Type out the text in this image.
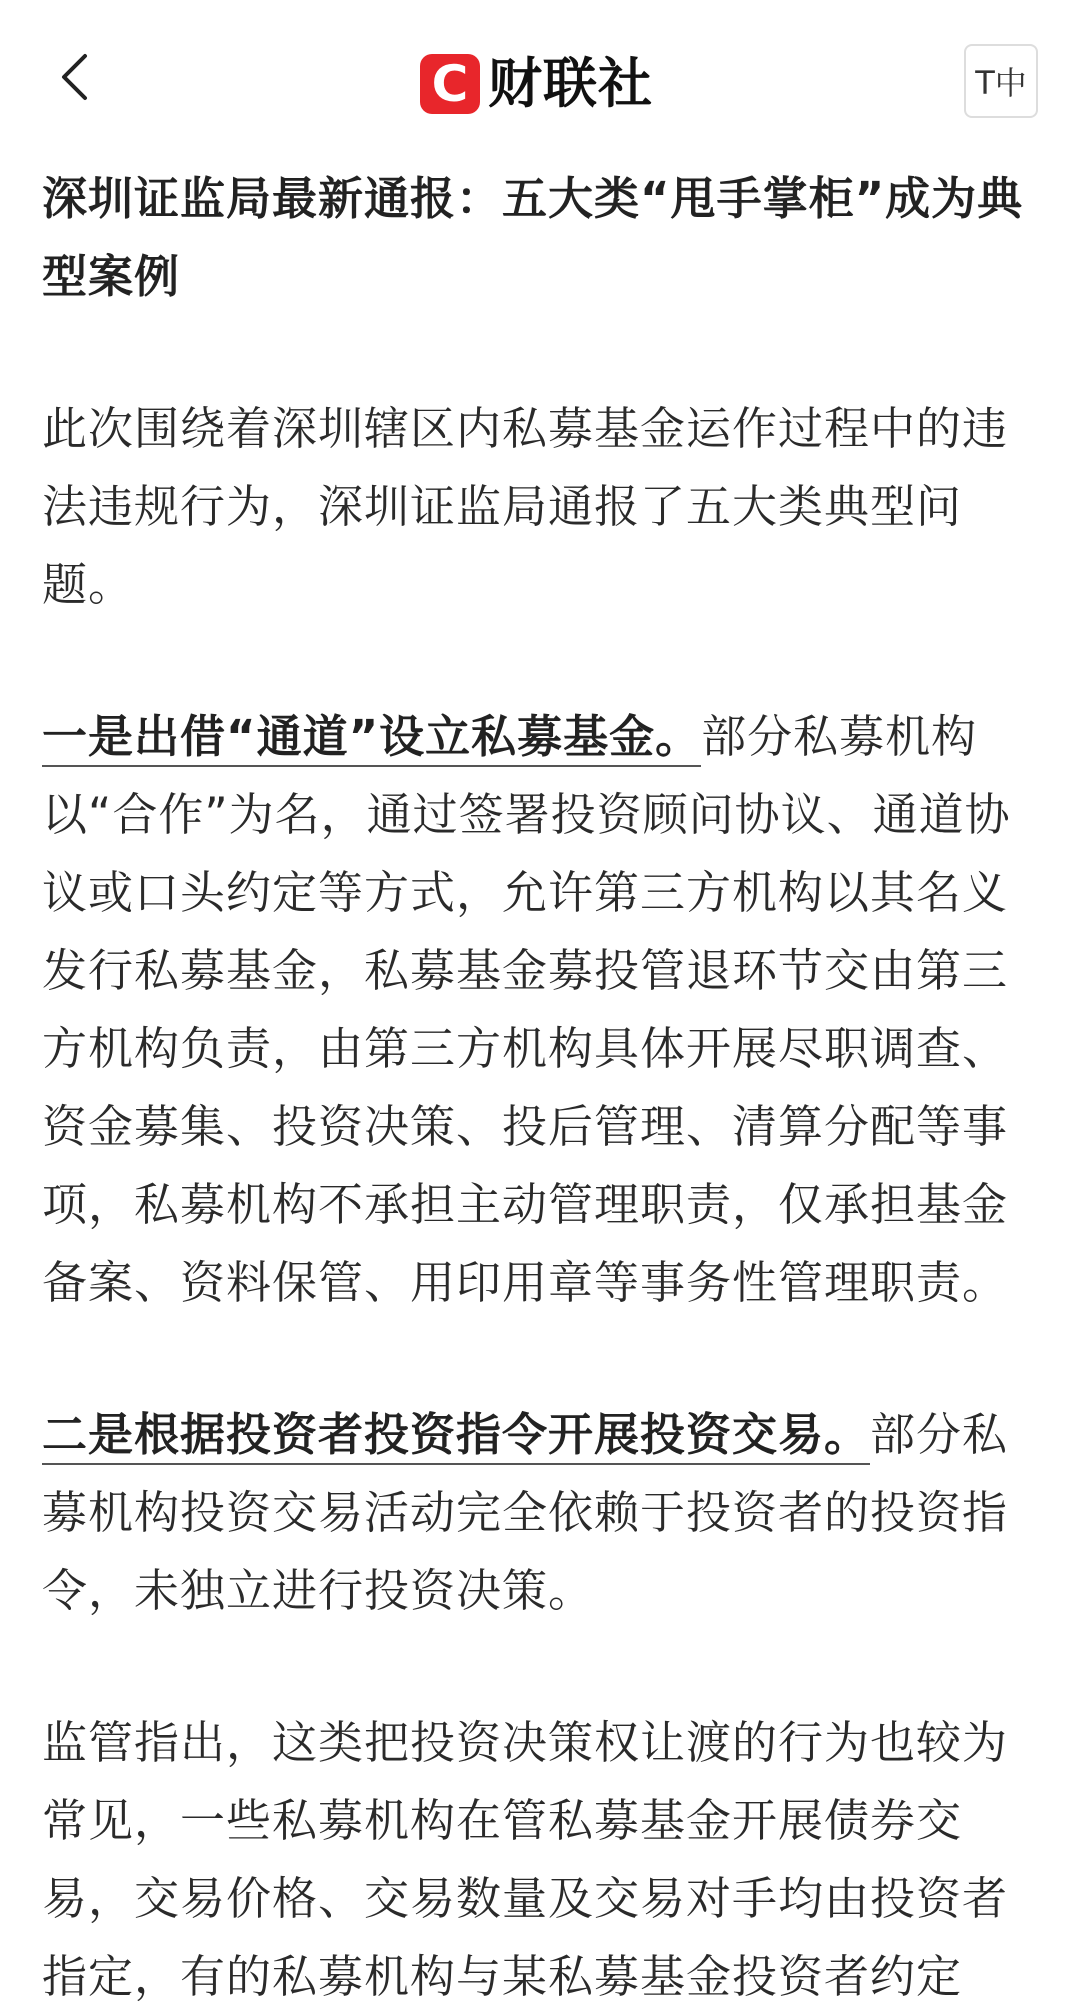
C 财联社	T中
深圳证监局最新通报：五大类“甩手掌柜”成为典型案例

此次围绕着深圳辖区内私募基金运作过程中的违法违规行为，深圳证监局通报了五大类典型问题。

一是出借“通道”设立私募基金。部分私募机构以“合作”为名，通过签署投资顾问协议、通道协议或口头约定等方式，允许第三方机构以其名义发行私募基金，私募基金募投管退环节交由第三方机构负责，由第三方机构具体开展尽职调查、资金募集、投资决策、投后管理、清算分配等事项，私募机构不承担主动管理职责，仅承担基金备案、资料保管、用印用章等事务性管理职责。

二是根据投资者投资指令开展投资交易。部分私募机构投资交易活动完全依赖于投资者的投资指令，未独立进行投资决策。

监管指出，这类把投资决策权让渡的行为也较为常见，一些私募机构在管私募基金开展债券交易，交易价格、交易数量及交易对手均由投资者指定，有的私募机构与某私募基金投资者约定
